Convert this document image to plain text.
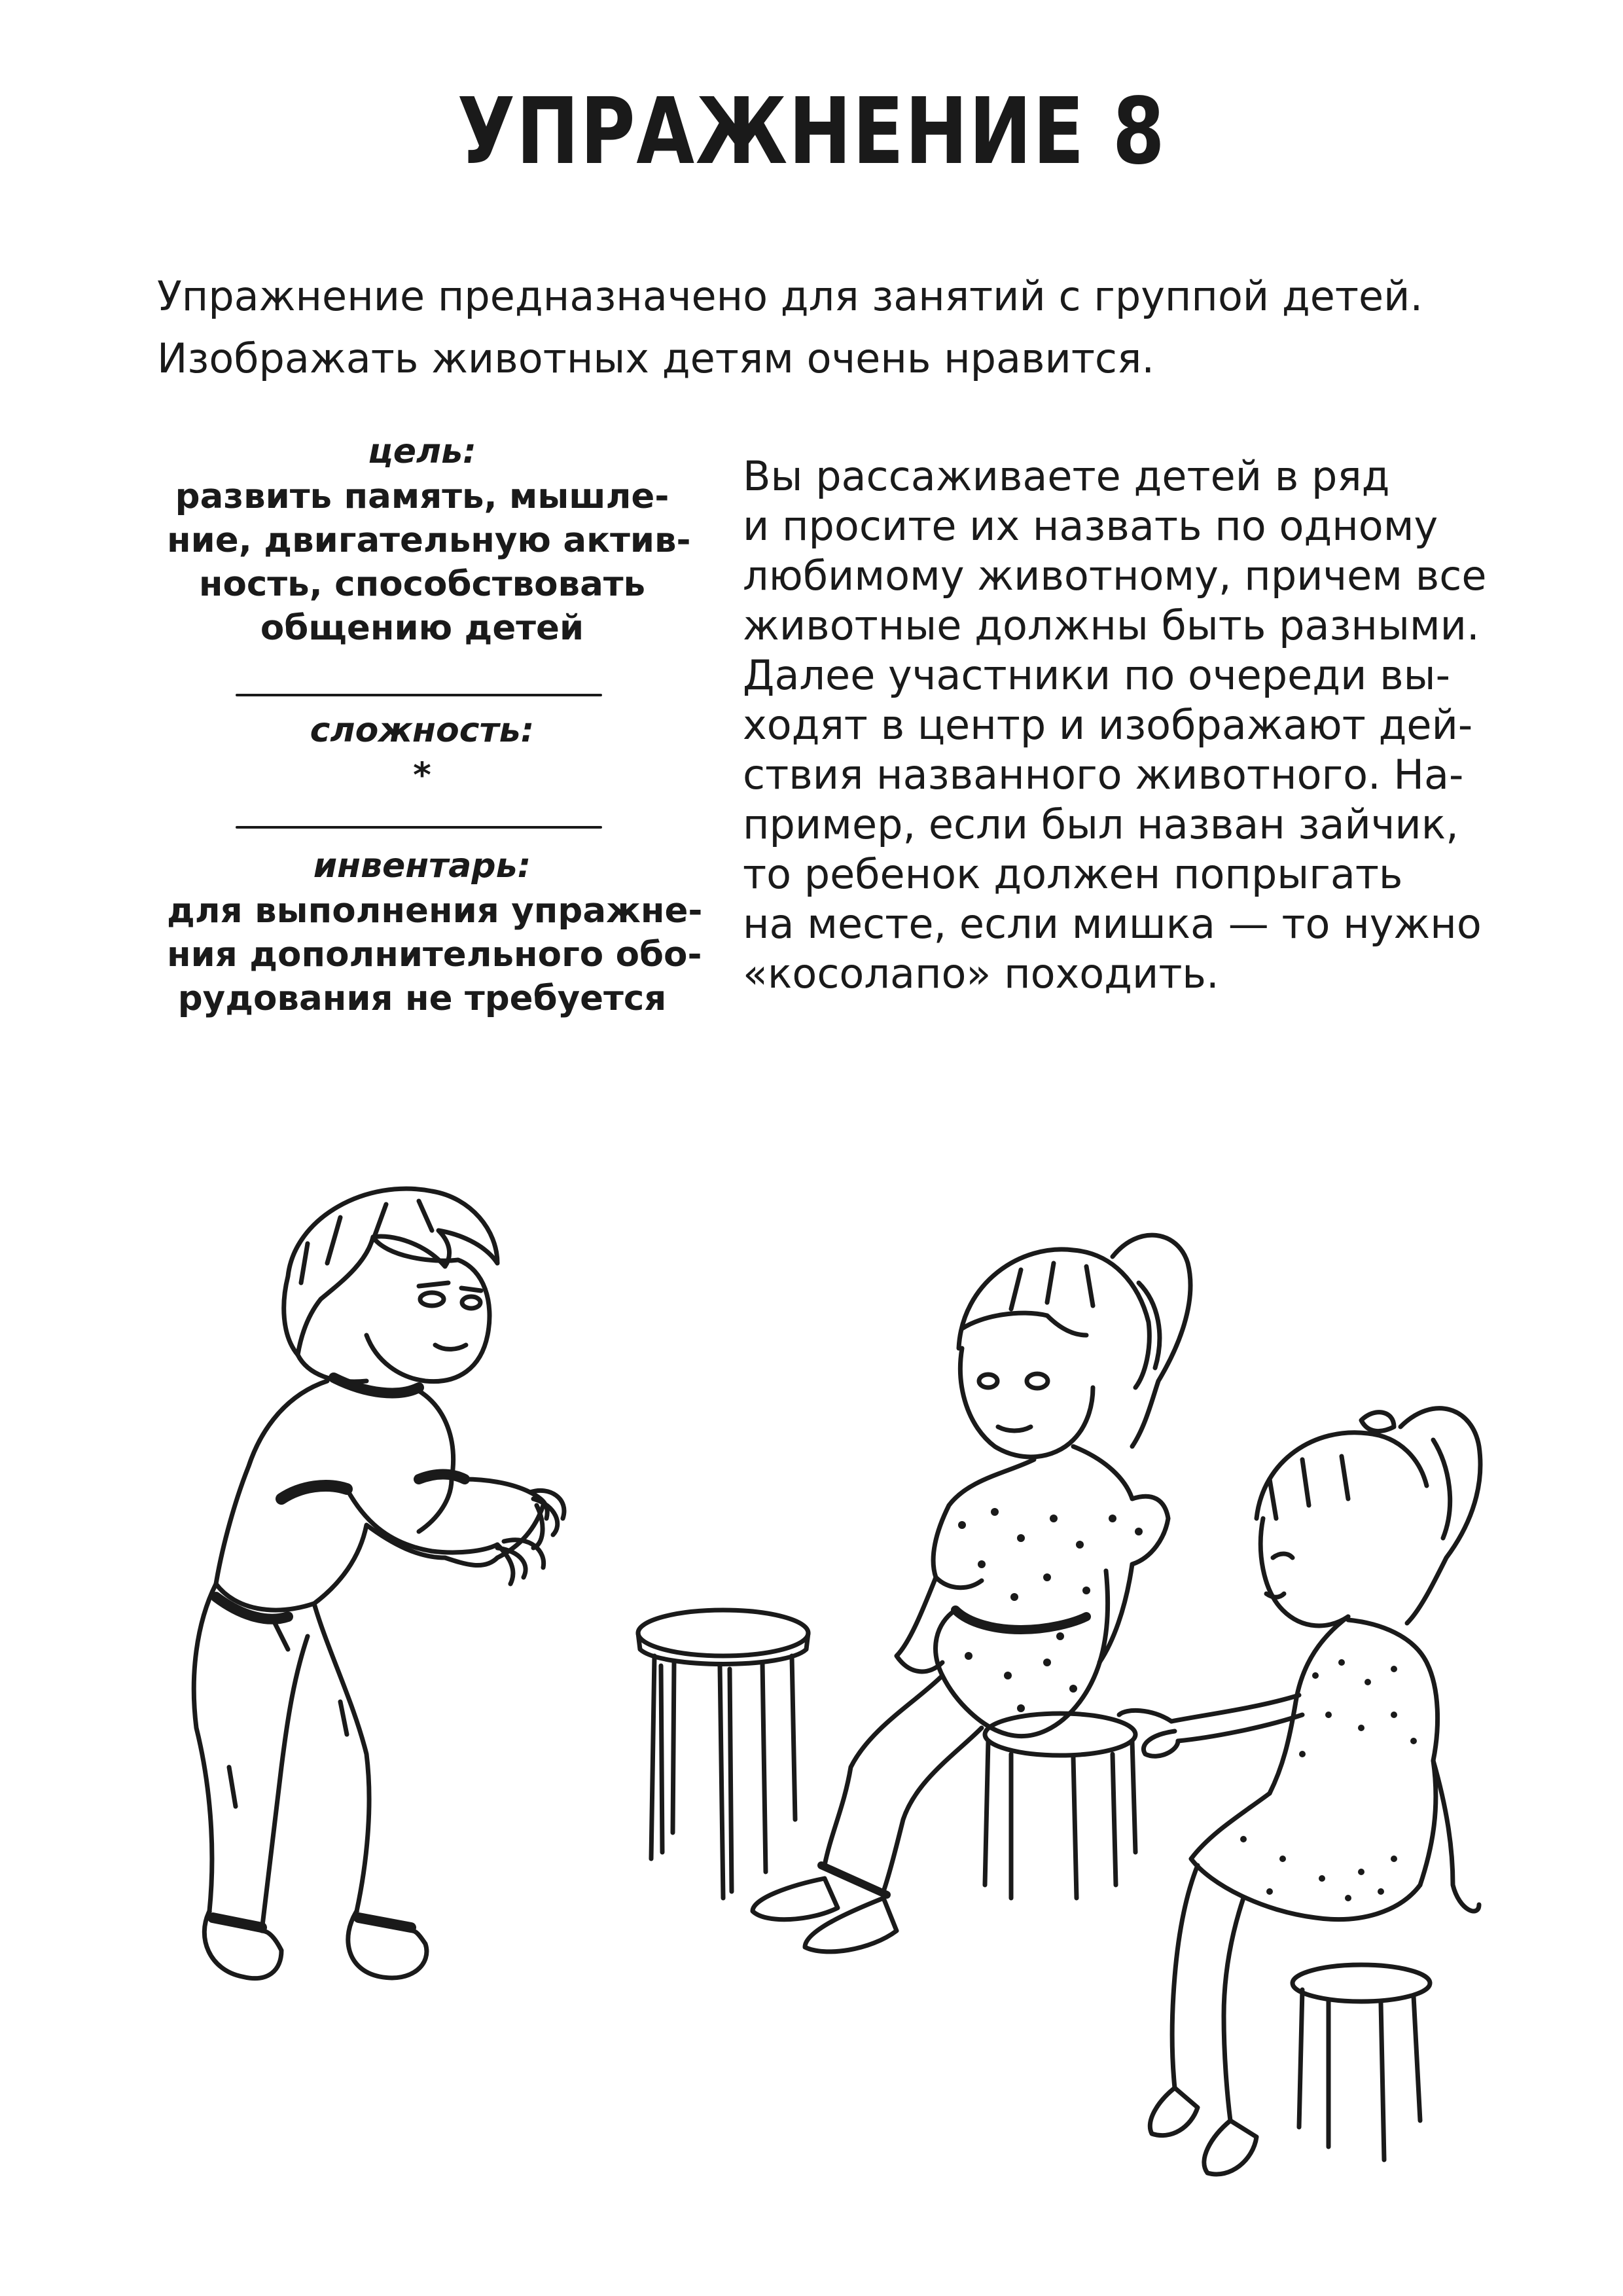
УПРАЖНЕНИЕ 8
Упражнение предназначено для занятий с группой детей.
Изображать животных детям очень нравится.
цель:
развить память, мышле-
ние, двигательную актив-
ность, способствовать
общению детей
сложность:
*
инвентарь:
для выполнения упражне-
ния дополнительного обо-
рудования не требуется
Вы рассаживаете детей в ряд
и просите их назвать по одному
любимому животному, причем все
животные должны быть разными.
Далее участники по очереди вы-
ходят в центр и изображают дей-
ствия названного животного. На-
пример, если был назван зайчик,
то ребенок должен попрыгать
на месте, если мишка — то нужно
«косолапо» походить.
